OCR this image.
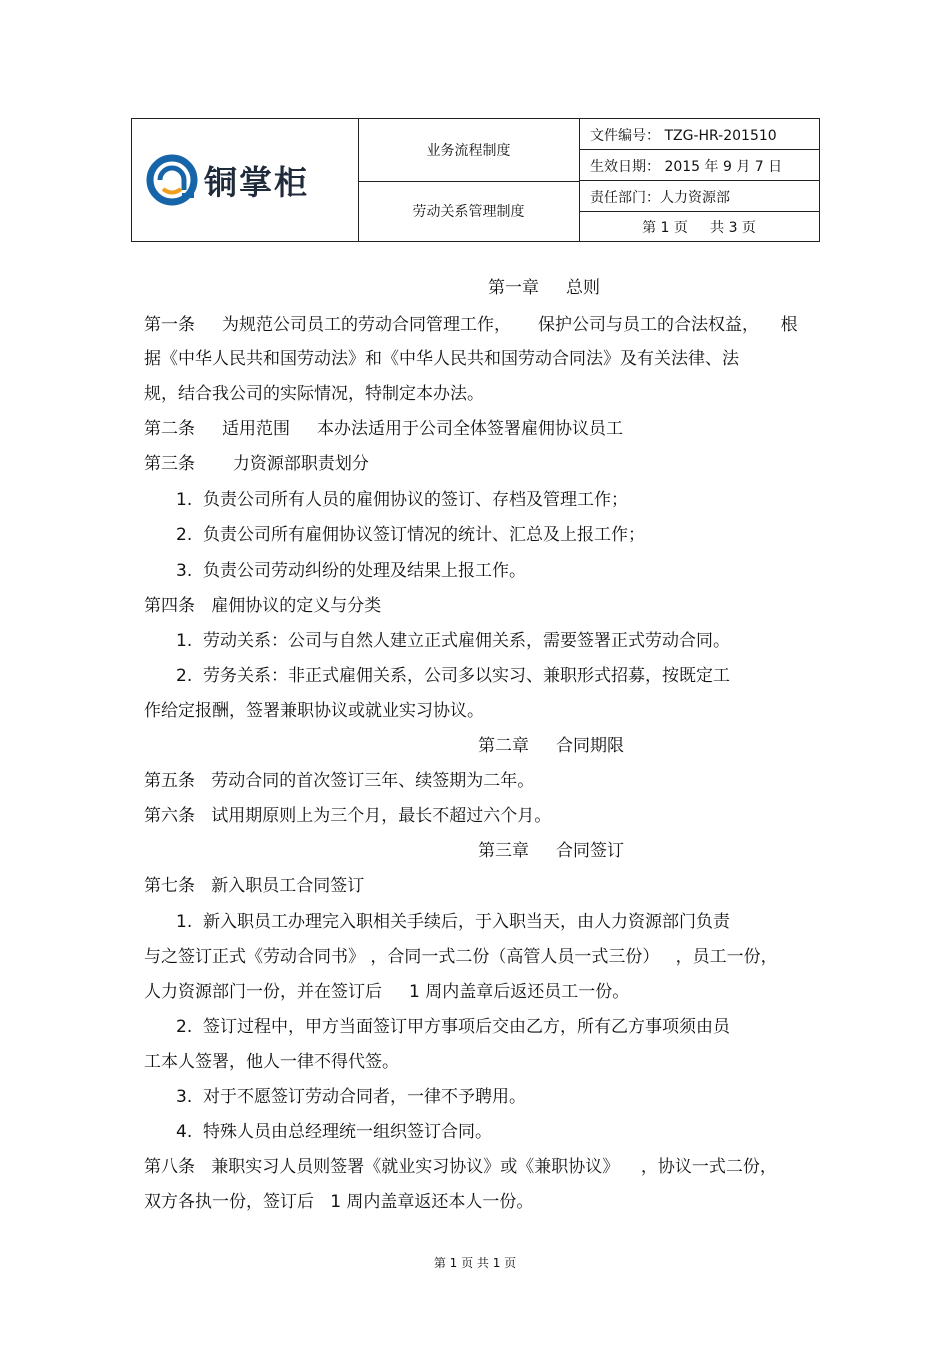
铜掌柜
业务流程制度
劳动关系管理制度
文件编号： TZG-HR-201510
生效日期： 2015 年 9 月 7 日
责任部门：人力资源部
第 1 页     共 3 页
第一章     总则
第一条     为规范公司员工的劳动合同管理工作，     保护公司与员工的合法权益，    根
据《中华人民共和国劳动法》和《中华人民共和国劳动合同法》及有关法律、法
规，结合我公司的实际情况，特制定本办法。
第二条     适用范围     本办法适用于公司全体签署雇佣协议员工
第三条       力资源部职责划分
1.  负责公司所有人员的雇佣协议的签订、存档及管理工作；
2.  负责公司所有雇佣协议签订情况的统计、汇总及上报工作；
3.  负责公司劳动纠纷的处理及结果上报工作。
第四条   雇佣协议的定义与分类
1.  劳动关系：公司与自然人建立正式雇佣关系，需要签署正式劳动合同。
2.  劳务关系：非正式雇佣关系，公司多以实习、兼职形式招募，按既定工
作给定报酬，签署兼职协议或就业实习协议。
第二章     合同期限
第五条   劳动合同的首次签订三年、续签期为二年。
第六条   试用期原则上为三个月，最长不超过六个月。
第三章     合同签订
第七条   新入职员工合同签订
1.  新入职员工办理完入职相关手续后，于入职当天，由人力资源部门负责
与之签订正式《劳动合同书》 ，合同一式二份（高管人员一式三份）   ，员工一份，
人力资源部门一份，并在签订后     1 周内盖章后返还员工一份。
2.  签订过程中，甲方当面签订甲方事项后交由乙方，所有乙方事项须由员
工本人签署，他人一律不得代签。
3.  对于不愿签订劳动合同者，一律不予聘用。
4.  特殊人员由总经理统一组织签订合同。
第八条   兼职实习人员则签署《就业实习协议》或《兼职协议》    ，协议一式二份，
双方各执一份，签订后   1 周内盖章返还本人一份。
第 1 页 共 1 页
